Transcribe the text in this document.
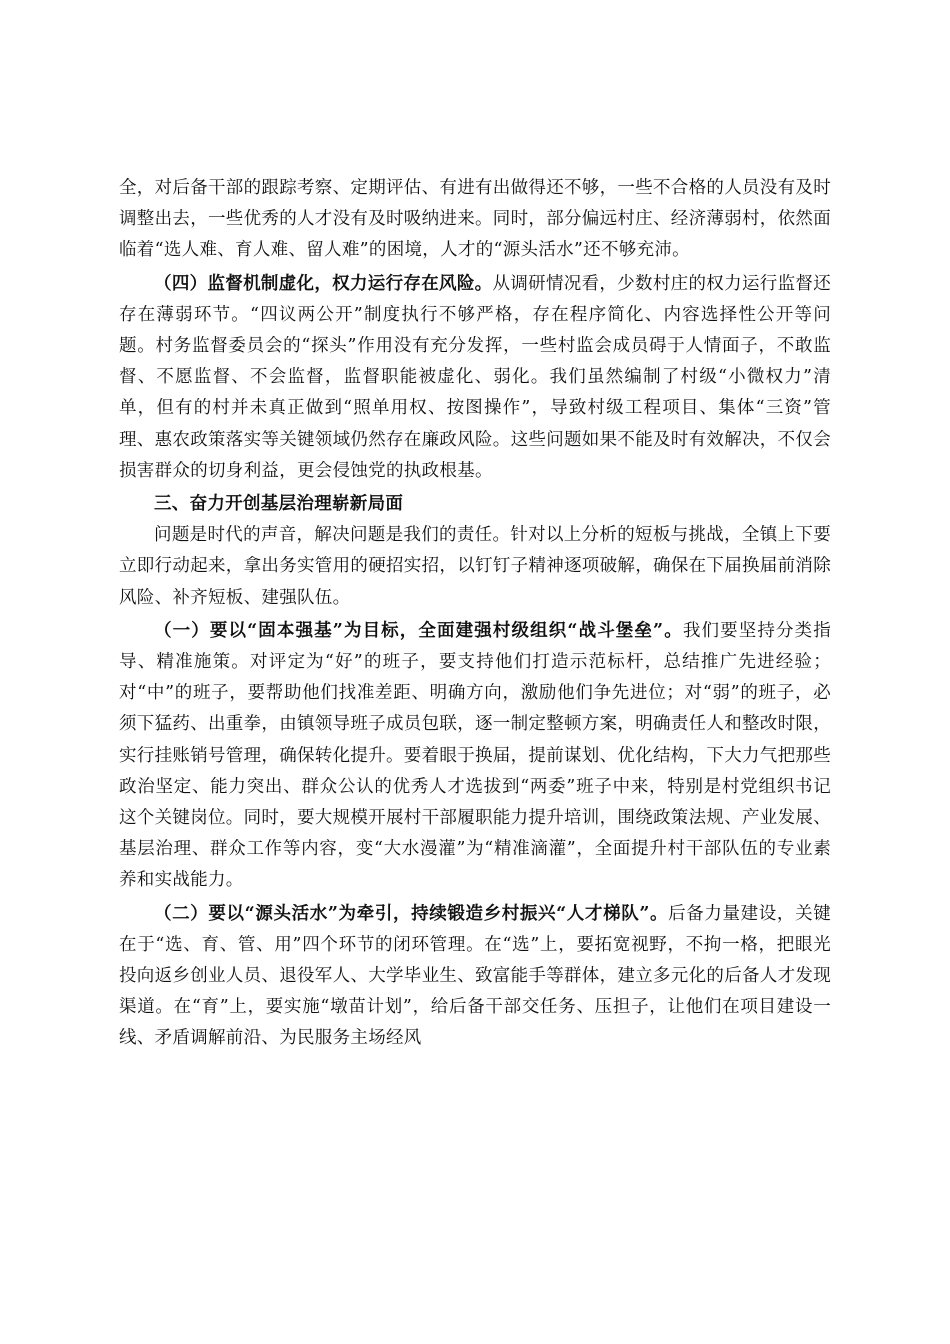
全，对后备干部的跟踪考察、定期评估、有进有出做得还不够，一些不合格的人员没有及时调整出去，一些优秀的人才没有及时吸纳进来。同时，部分偏远村庄、经济薄弱村，依然面临着“选人难、育人难、留人难”的困境，人才的“源头活水”还不够充沛。

（四）监督机制虚化，权力运行存在风险。从调研情况看，少数村庄的权力运行监督还存在薄弱环节。“四议两公开”制度执行不够严格，存在程序简化、内容选择性公开等问题。村务监督委员会的“探头”作用没有充分发挥，一些村监会成员碍于人情面子，不敢监督、不愿监督、不会监督，监督职能被虚化、弱化。我们虽然编制了村级“小微权力”清单，但有的村并未真正做到“照单用权、按图操作”，导致村级工程项目、集体“三资”管理、惠农政策落实等关键领域仍然存在廉政风险。这些问题如果不能及时有效解决，不仅会损害群众的切身利益，更会侵蚀党的执政根基。

三、奋力开创基层治理崭新局面

问题是时代的声音，解决问题是我们的责任。针对以上分析的短板与挑战，全镇上下要立即行动起来，拿出务实管用的硬招实招，以钉钉子精神逐项破解，确保在下届换届前消除风险、补齐短板、建强队伍。

（一）要以“固本强基”为目标，全面建强村级组织“战斗堡垒”。我们要坚持分类指导、精准施策。对评定为“好”的班子，要支持他们打造示范标杆，总结推广先进经验；对“中”的班子，要帮助他们找准差距、明确方向，激励他们争先进位；对“弱”的班子，必须下猛药、出重拳，由镇领导班子成员包联，逐一制定整顿方案，明确责任人和整改时限，实行挂账销号管理，确保转化提升。要着眼于换届，提前谋划、优化结构，下大力气把那些政治坚定、能力突出、群众公认的优秀人才选拔到“两委”班子中来，特别是村党组织书记这个关键岗位。同时，要大规模开展村干部履职能力提升培训，围绕政策法规、产业发展、基层治理、群众工作等内容，变“大水漫灌”为“精准滴灌”，全面提升村干部队伍的专业素养和实战能力。

（二）要以“源头活水”为牵引，持续锻造乡村振兴“人才梯队”。后备力量建设，关键在于“选、育、管、用”四个环节的闭环管理。在“选”上，要拓宽视野，不拘一格，把眼光投向返乡创业人员、退役军人、大学毕业生、致富能手等群体，建立多元化的后备人才发现渠道。在“育”上，要实施“墩苗计划”，给后备干部交任务、压担子，让他们在项目建设一线、矛盾调解前沿、为民服务主场经风
